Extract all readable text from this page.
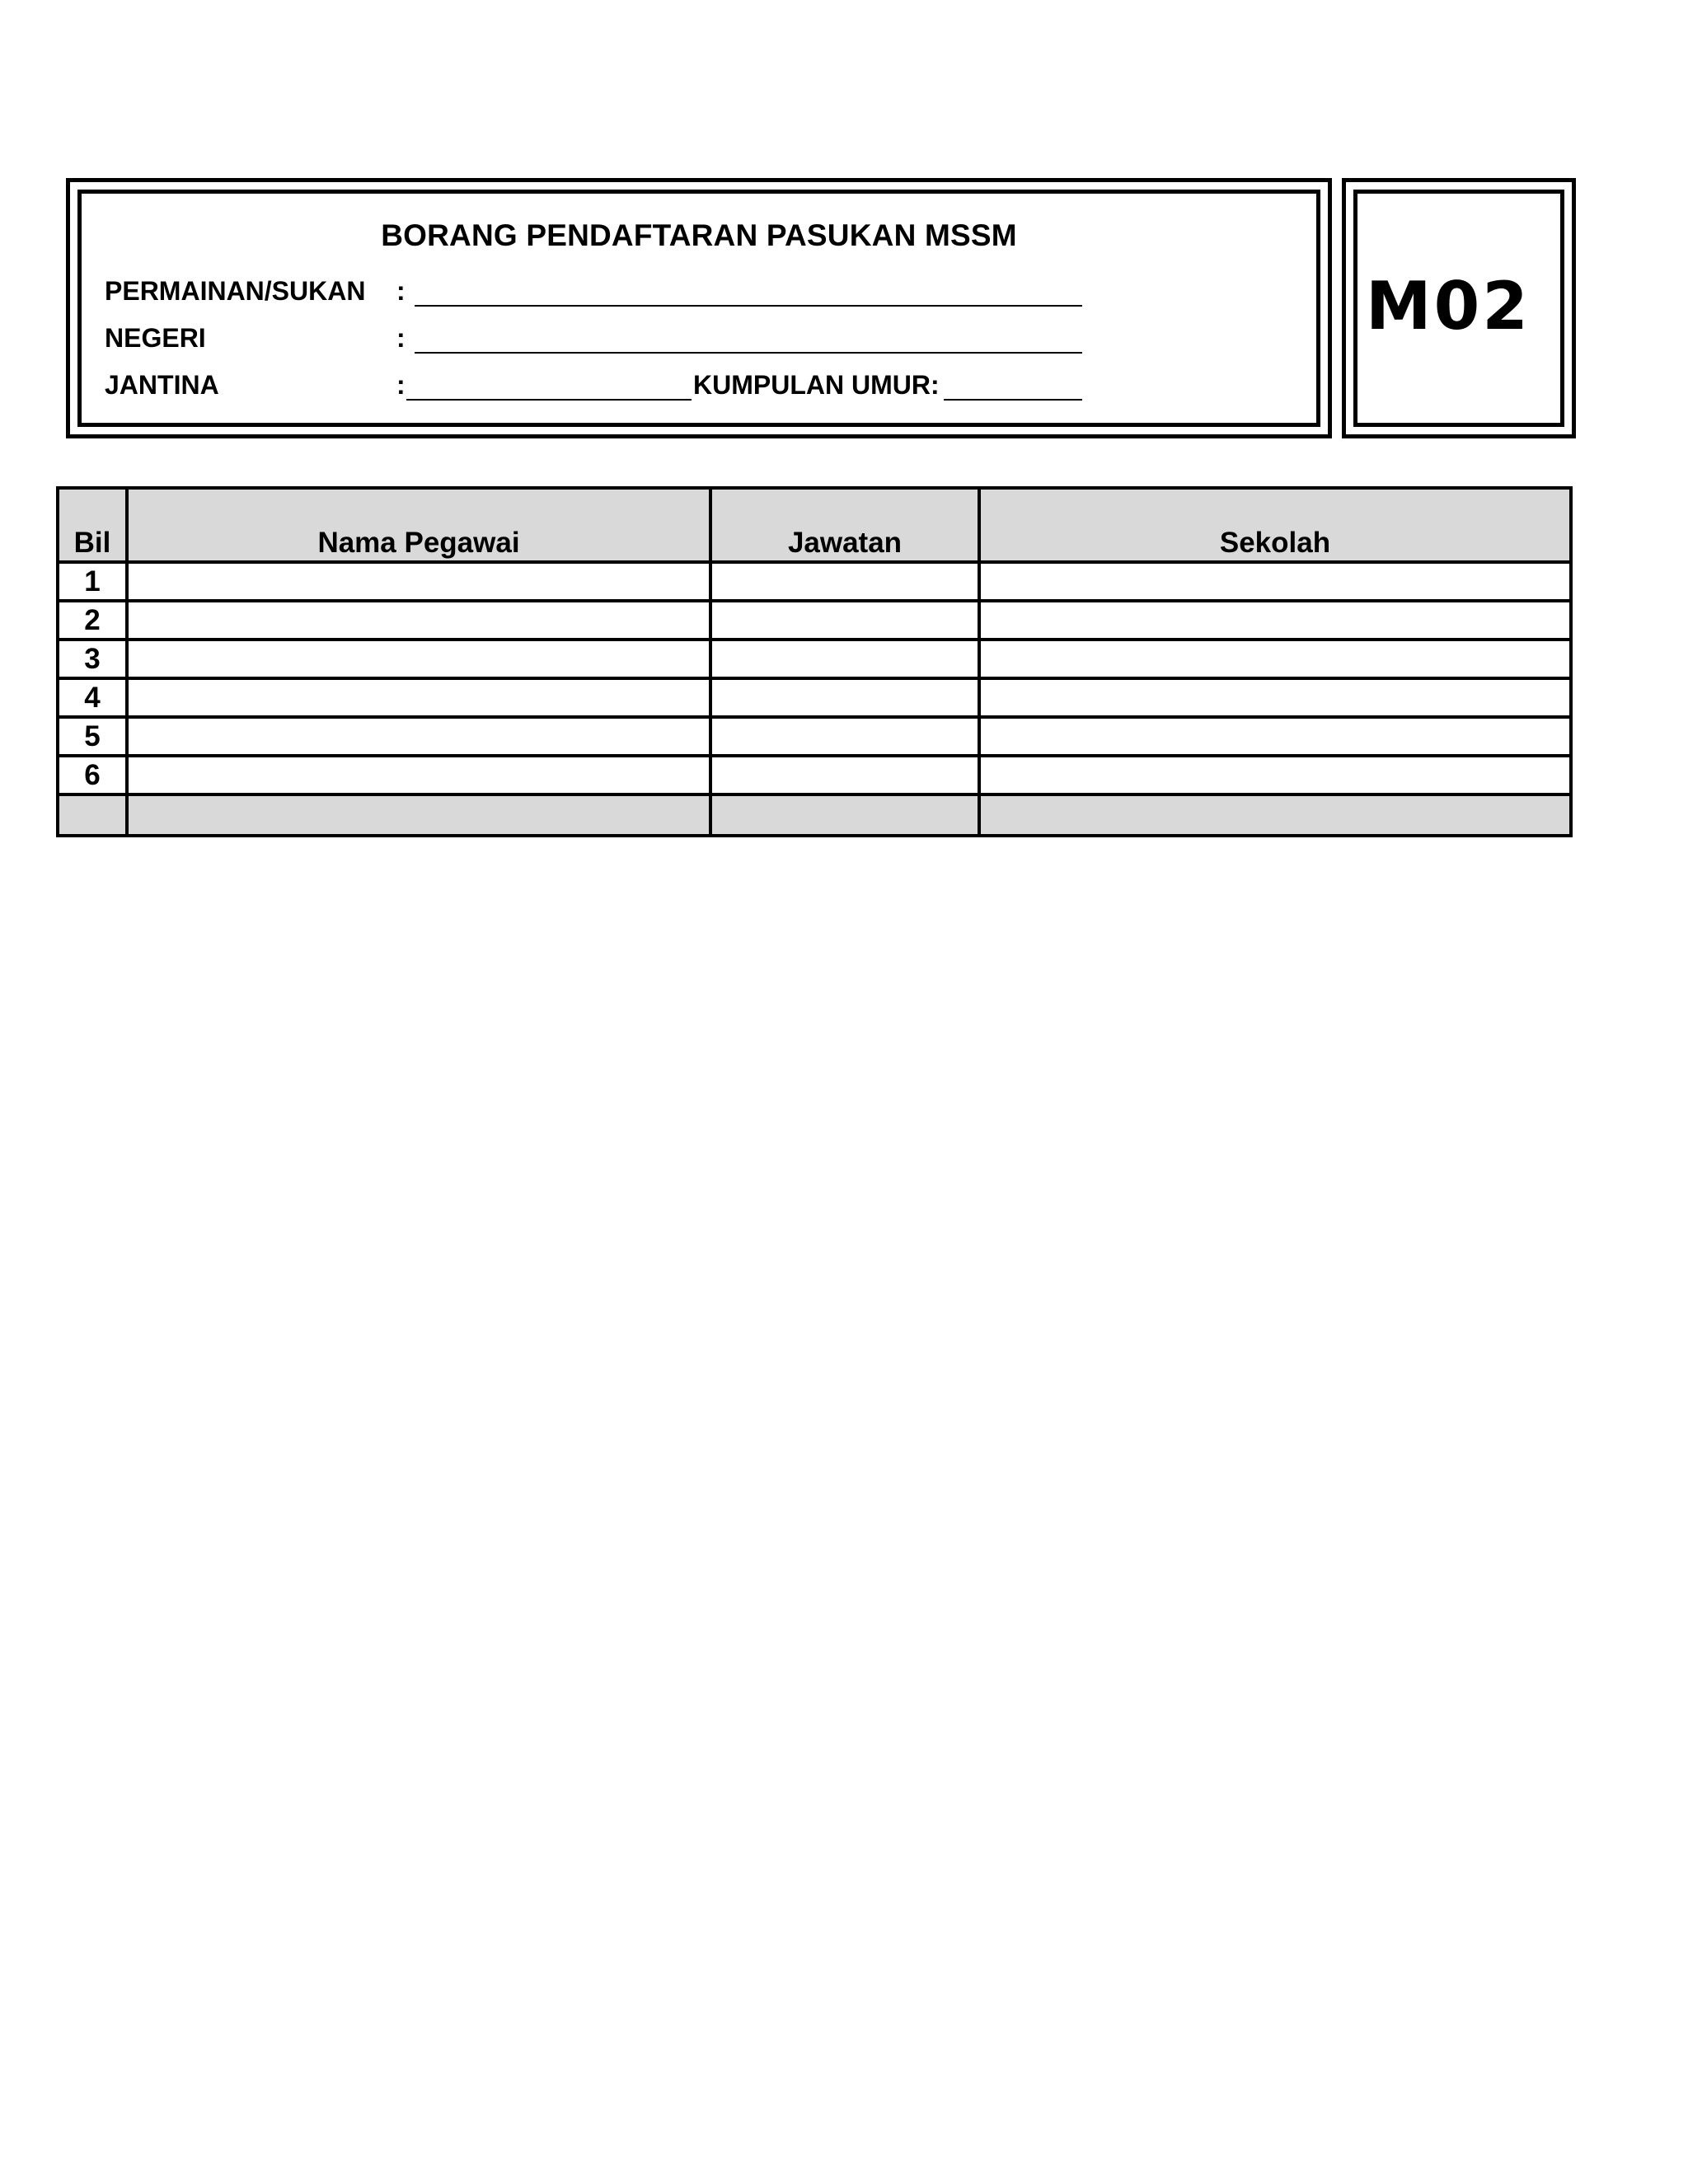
BORANG PENDAFTARAN PASUKAN MSSM
PERMAINAN/SUKAN :
NEGERI	:
JANTINA	:	KUMPULAN UMUR:
M02
Bil	Nama Pegawai	Jawatan	Sekolah
1			
2			
3			
4			
5			
6			
